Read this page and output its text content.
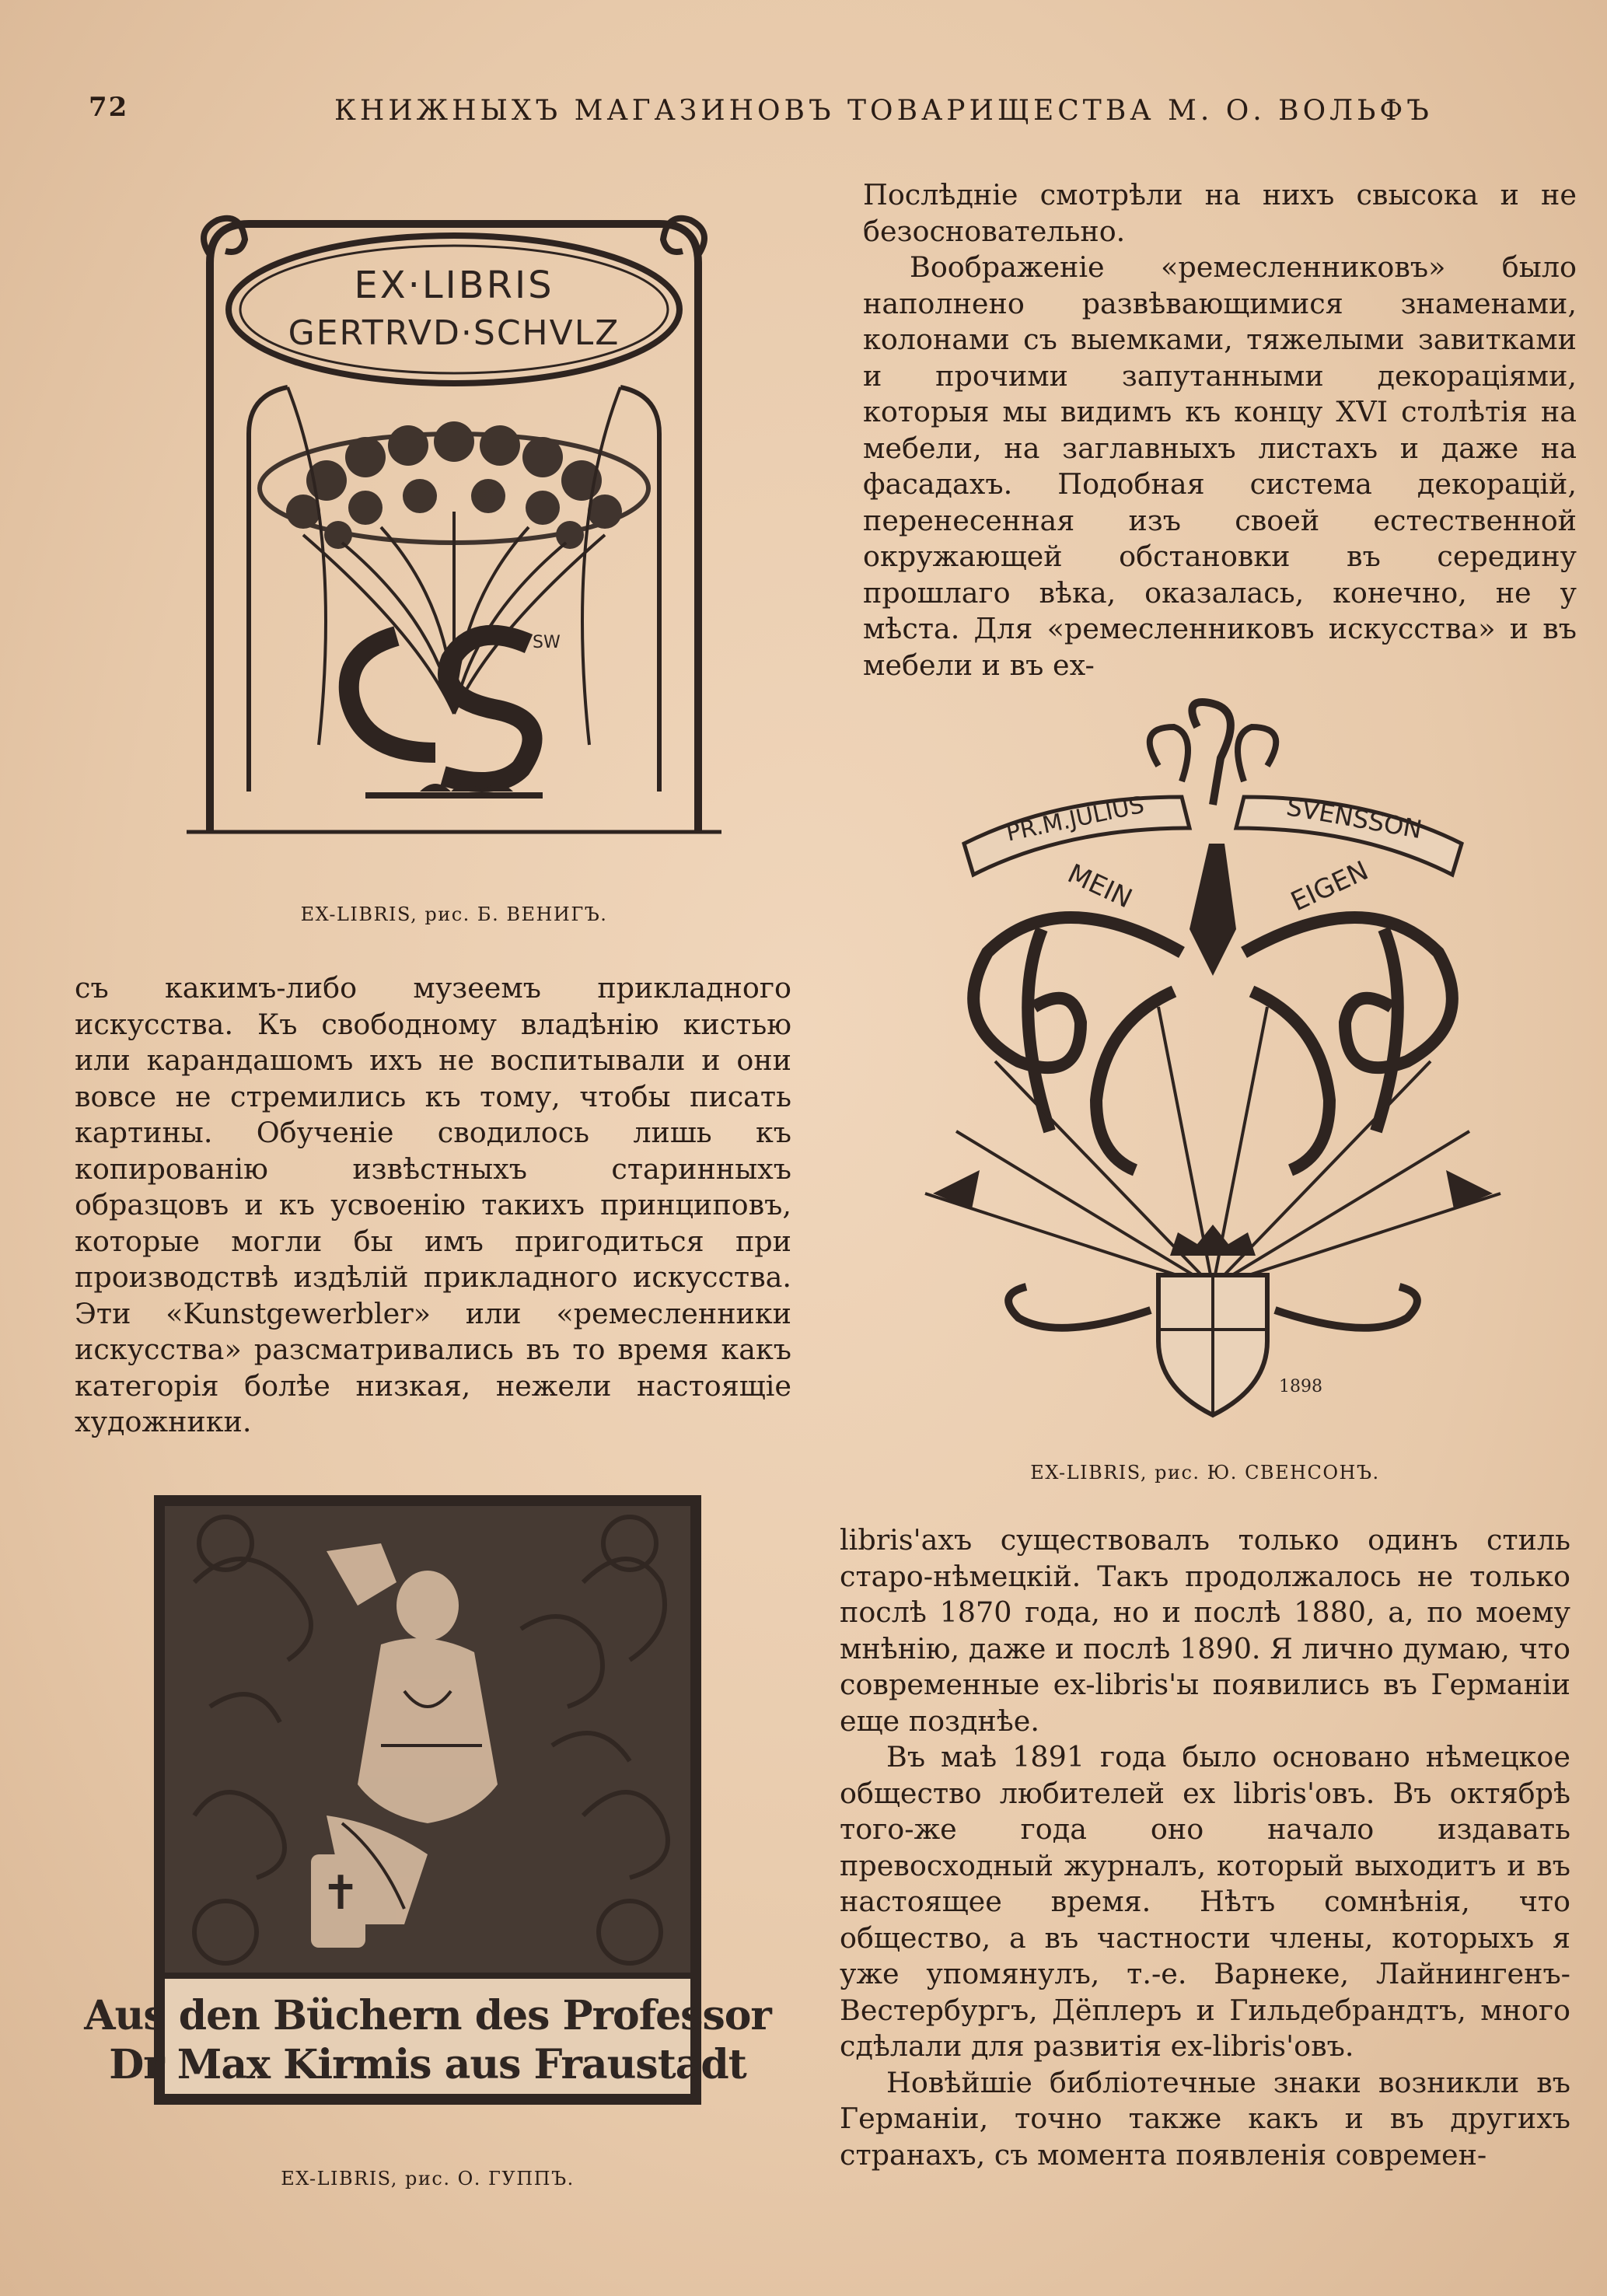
72	КНИЖНЫХЪ МАГАЗИНОВЪ ТОВАРИЩЕСТВА М. О. ВОЛЬФЪ
EX·LIBRIS
GERTRVD·SCHVLZ
SW
EX-LIBRIS, рис. Б. ВЕНИГЪ.

Послѣдніе смотрѣли на нихъ свысока и не безосновательно.

Воображеніе «ремесленниковъ» было наполнено развѣвающимися знаменами, колонами съ выемками, тяжелыми завитками и прочими запутанными декораціями, которыя мы видимъ къ концу XVI столѣтія на мебели, на заглавныхъ листахъ и даже на фасадахъ. Подобная система декорацій, перенесенная изъ своей естественной окружающей обстановки въ середину прошлаго вѣка, оказалась, конечно, не у мѣста. Для «ремесленниковъ искусства» и въ мебели и въ ex-

съ какимъ-либо музеемъ прикладного искусства. Къ свободному владѣнію кистью или карандашомъ ихъ не воспитывали и они вовсе не стремились къ тому, чтобы писать картины. Обученіе сводилось лишь къ копированію извѣстныхъ старинныхъ образцовъ и къ усвоенію такихъ принциповъ, которые могли бы имъ пригодиться при производствѣ издѣлій прикладного искусства. Эти «Kunstgewerbler» или «ремесленники искусства» разсматривались въ то время какъ категорія болѣе низкая, нежели настоящіе художники.

PR.M.JULIUS	SVENSSON
MEIN	EIGEN
1898
EX-LIBRIS, рис. Ю. СВЕНСОНЪ.
✝
Aus den Büchern des Professor
Dr Max Kirmis aus Fraustadt
EX-LIBRIS, рис. О. ГУППЪ.

libris'ахъ существовалъ только одинъ стиль старо-нѣмецкій. Такъ продолжалось не только послѣ 1870 года, но и послѣ 1880, а, по моему мнѣнію, даже и послѣ 1890. Я лично думаю, что современные ex-libris'ы появились въ Германіи еще позднѣе.

Въ маѣ 1891 года было основано нѣмецкое общество любителей ex libris'овъ. Въ октябрѣ того-же года оно начало издавать превосходный журналъ, который выходитъ и въ настоящее время. Нѣтъ сомнѣнія, что общество, а въ частности члены, которыхъ я уже упомянулъ, т.-е. Варнеке, Лайнингенъ-Вестербургъ, Дёплеръ и Гильдебрандтъ, много сдѣлали для развитія ex-libris'овъ.

Новѣйшіе библіотечные знаки возникли въ Германіи, точно также какъ и въ другихъ странахъ, съ момента появленія современ-
